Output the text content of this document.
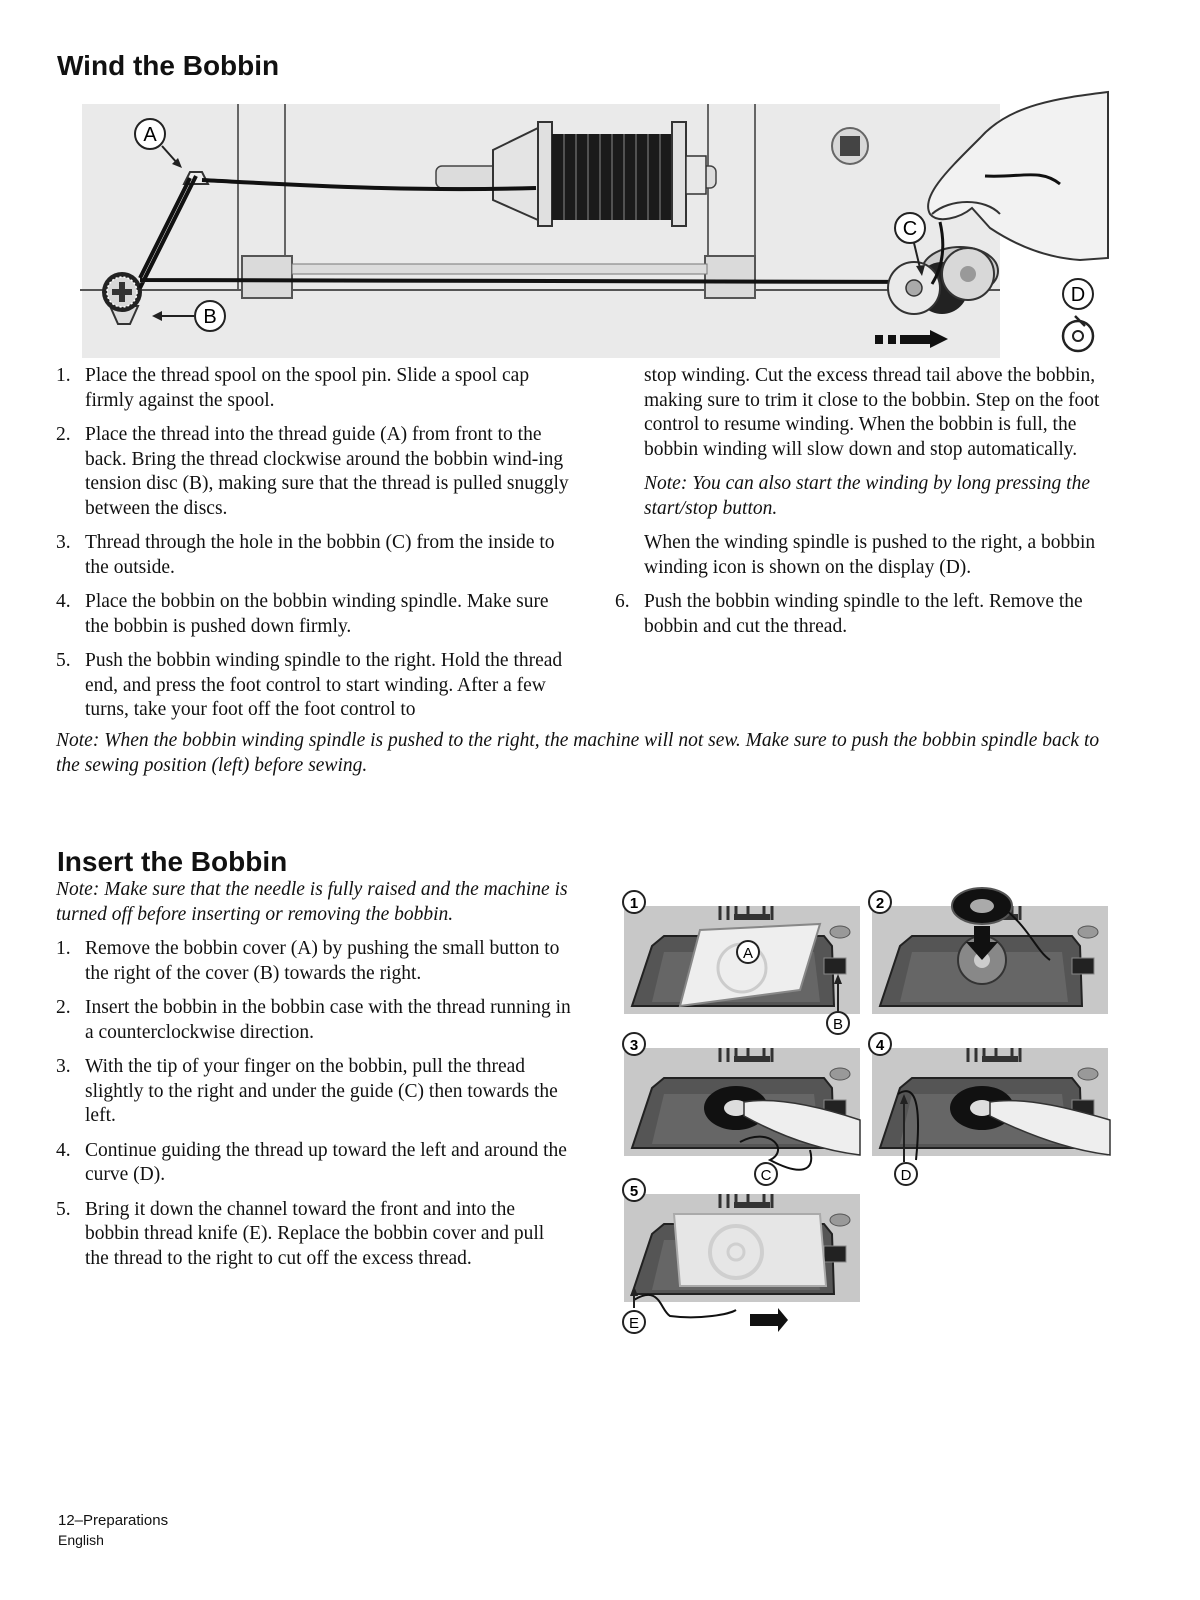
Wind the Bobbin
A
B
C
D
1. Place the thread spool on the spool pin. Slide a spool cap firmly against the spool.
2. Place the thread into the thread guide (A) from front to the back. Bring the thread clockwise around the bobbin wind-ing tension disc (B), making sure that the thread is pulled snuggly between the discs.
3. Thread through the hole in the bobbin (C) from the inside to the outside.
4. Place the bobbin on the bobbin winding spindle. Make sure the bobbin is pushed down firmly.
5. Push the bobbin winding spindle to the right. Hold the thread end, and press the foot control to start winding. After a few turns, take your foot off the foot control to

stop winding. Cut the excess thread tail above the bobbin, making sure to trim it close to the bobbin. Step on the foot control to resume winding. When the bobbin is full, the bobbin winding will slow down and stop automatically.

Note: You can also start the winding by long pressing the start/stop button.

When the winding spindle is pushed to the right, a bobbin winding icon is shown on the display (D).

6. Push the bobbin winding spindle to the left. Remove the bobbin and cut the thread.

Note: When the bobbin winding spindle is pushed to the right, the machine will not sew. Make sure to push the bobbin spindle back to the sewing position (left) before sewing.

Insert the Bobbin

Note: Make sure that the needle is fully raised and the machine is turned off before inserting or removing the bobbin.

1. Remove the bobbin cover (A) by pushing the small button to the right of the cover (B) towards the right.
2. Insert the bobbin in the bobbin case with the thread running in a counterclockwise direction.
3. With the tip of your finger on the bobbin, pull the thread slightly to the right and under the guide (C) then towards the left.
4. Continue guiding the thread up toward the left and around the curve (D).
5. Bring it down the channel toward the front and into the bobbin thread knife (E). Replace the bobbin cover and pull the thread to the right to cut off the excess thread.
1
A
B
2
3
C
4
D
5
E
12–Preparations
English
